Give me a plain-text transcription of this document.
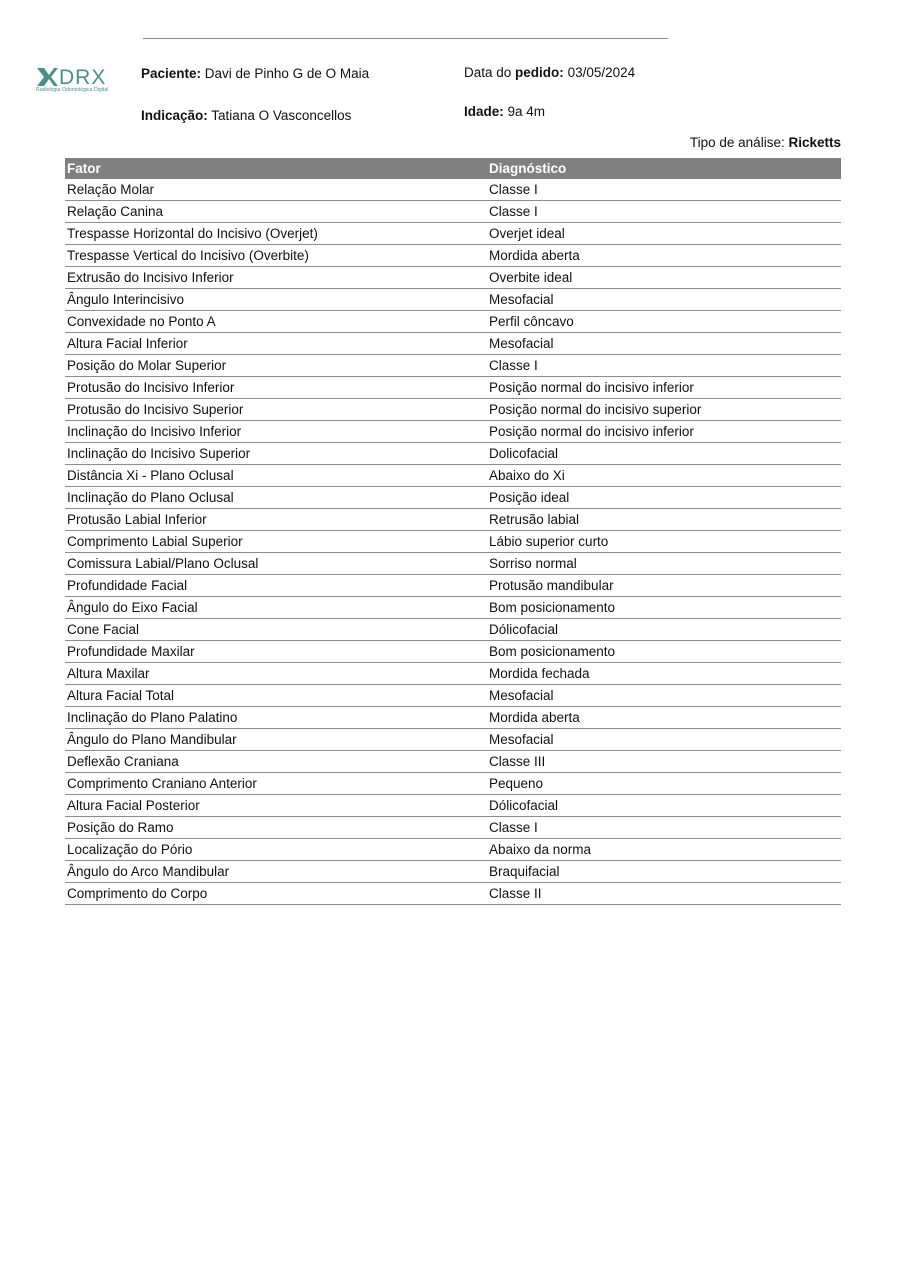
DRX
Radiologia Odontológica Digital
Paciente: Davi de Pinho G de O Maia
Indicação: Tatiana O Vasconcellos
Data do pedido: 03/05/2024
Idade: 9a 4m
Tipo de análise: Ricketts
Fator	Diagnóstico
Relação Molar	Classe I
Relação Canina	Classe I
Trespasse Horizontal do Incisivo (Overjet)	Overjet ideal
Trespasse Vertical do Incisivo (Overbite)	Mordida aberta
Extrusão do Incisivo Inferior	Overbite ideal
Ângulo Interincisivo	Mesofacial
Convexidade no Ponto A	Perfil côncavo
Altura Facial Inferior	Mesofacial
Posição do Molar Superior	Classe I
Protusão do Incisivo Inferior	Posição normal do incisivo inferior
Protusão do Incisivo Superior	Posição normal do incisivo superior
Inclinação do Incisivo Inferior	Posição normal do incisivo inferior
Inclinação do Incisivo Superior	Dolicofacial
Distância Xi - Plano Oclusal	Abaixo do Xi
Inclinação do Plano Oclusal	Posição ideal
Protusão Labial Inferior	Retrusão labial
Comprimento Labial Superior	Lábio superior curto
Comissura Labial/Plano Oclusal	Sorriso normal
Profundidade Facial	Protusão mandibular
Ângulo do Eixo Facial	Bom posicionamento
Cone Facial	Dólicofacial
Profundidade Maxilar	Bom posicionamento
Altura Maxilar	Mordida fechada
Altura Facial Total	Mesofacial
Inclinação do Plano Palatino	Mordida aberta
Ângulo do Plano Mandibular	Mesofacial
Deflexão Craniana	Classe III
Comprimento Craniano Anterior	Pequeno
Altura Facial Posterior	Dólicofacial
Posição do Ramo	Classe I
Localização do Pório	Abaixo da norma
Ângulo do Arco Mandibular	Braquifacial
Comprimento do Corpo	Classe II
